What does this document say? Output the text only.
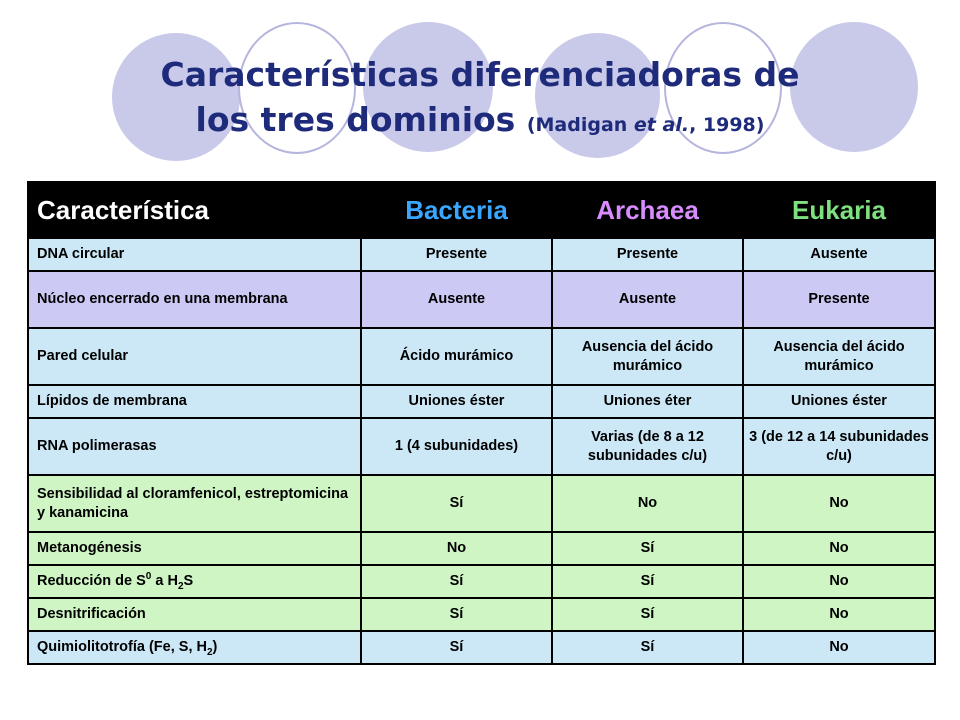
Características diferenciadoras de
los tres dominios (Madigan et al., 1998)
Característica	Bacteria	Archaea	Eukaria
DNA circular	Presente	Presente	Ausente
Núcleo encerrado en una membrana	Ausente	Ausente	Presente
Pared celular	Ácido murámico	Ausencia del ácido murámico	Ausencia del ácido murámico
Lípidos de membrana	Uniones éster	Uniones éter	Uniones éster
RNA polimerasas	1 (4 subunidades)	Varias (de 8 a 12 subunidades c/u)	3 (de 12 a 14 subunidades c/u)
Sensibilidad al cloramfenicol, estreptomicina y kanamicina	Sí	No	No
Metanogénesis	No	Sí	No
Reducción de $S^0$ a $H_2S$	Sí	Sí	No
Desnitrificación	Sí	Sí	No
Quimiolitotrofía (Fe, S, $H_2$)	Sí	Sí	No
